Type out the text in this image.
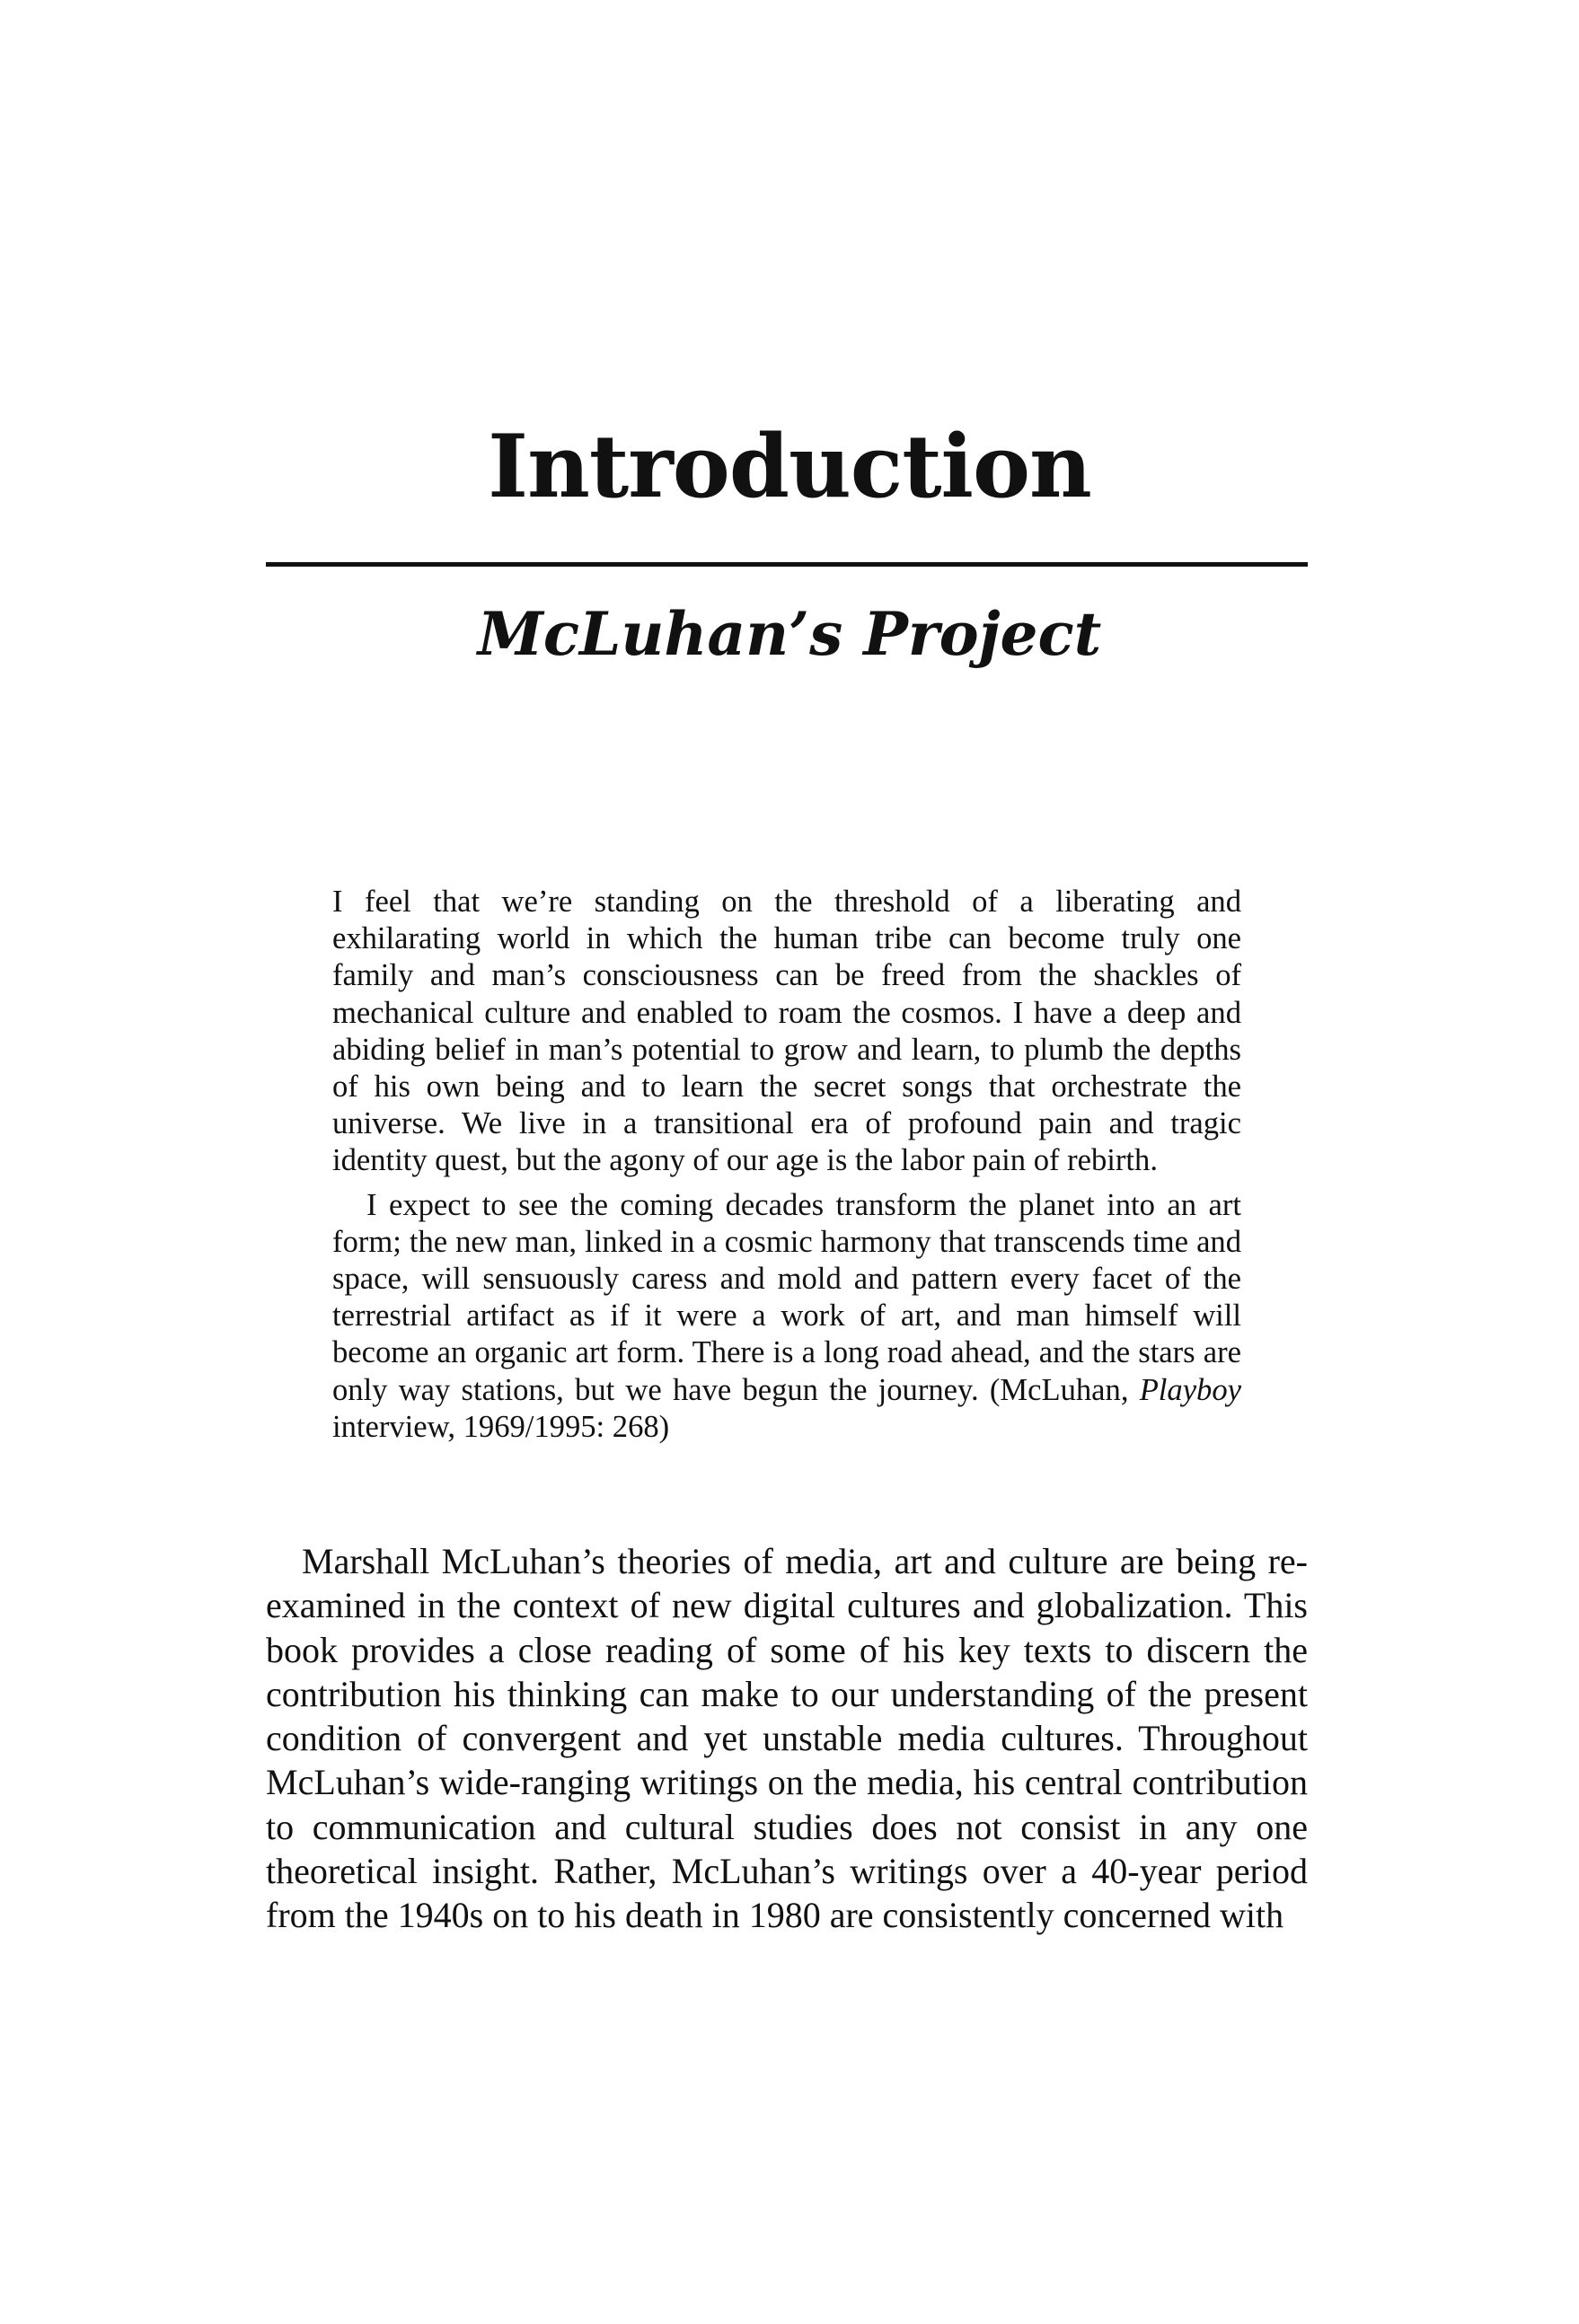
Introduction
McLuhan’s Project

I feel that we’re standing on the threshold of a liberating and exhilarating world in which the human tribe can become truly one family and man’s consciousness can be freed from the shackles of mechanical culture and enabled to roam the cosmos. I have a deep and abiding belief in man’s potential to grow and learn, to plumb the depths of his own being and to learn the secret songs that orchestrate the universe. We live in a transitional era of profound pain and tragic identity quest, but the agony of our age is the labor pain of rebirth.

I expect to see the coming decades transform the planet into an art form; the new man, linked in a cosmic harmony that transcends time and space, will sensuously caress and mold and pattern every facet of the terrestrial artifact as if it were a work of art, and man himself will become an organic art form. There is a long road ahead, and the stars are only way stations, but we have begun the journey. (McLuhan, Playboy interview, 1969/1995: 268)

Marshall McLuhan’s theories of media, art and culture are being re-examined in the context of new digital cultures and globalization. This book provides a close reading of some of his key texts to discern the contribution his thinking can make to our understanding of the present condition of convergent and yet unstable media cultures. Throughout McLuhan’s wide-ranging writings on the media, his central contribution to communication and cultural studies does not consist in any one theoretical insight. Rather, McLuhan’s writings over a 40-year period from the 1940s on to his death in 1980 are consistently concerned with
